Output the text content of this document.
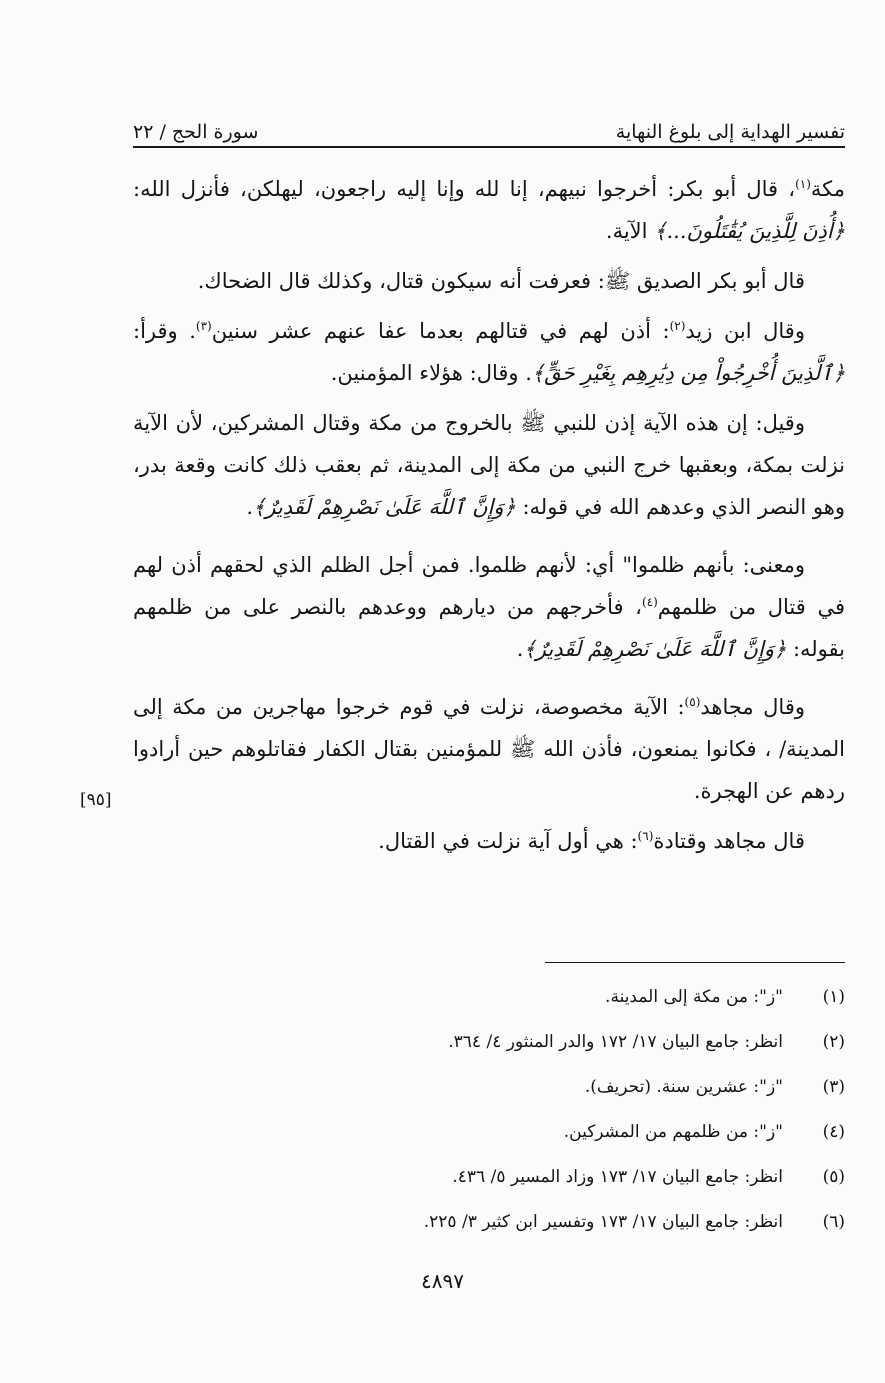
تفسير الهداية إلى بلوغ النهاية
سورة الحج / ٢٢

مكة$^{(١)}$، قال أبو بكر: أخرجوا نبيهم، إنا لله وإنا إليه راجعون، ليهلكن، فأنزل الله: ﴿أُذِنَ لِلَّذِينَ يُقَٰتَلُونَ...﴾ الآية.

قال أبو بكر الصديق ﷺ: فعرفت أنه سيكون قتال، وكذلك قال الضحاك.

وقال ابن زيد$^{(٢)}$: أذن لهم في قتالهم بعدما عفا عنهم عشر سنين$^{(٣)}$. وقرأ: ﴿ٱلَّذِينَ أُخْرِجُواْ مِن دِيَٰرِهِم بِغَيْرِ حَقٍّ﴾. وقال: هؤلاء المؤمنين.

وقيل: إن هذه الآية إذن للنبي ﷺ بالخروج من مكة وقتال المشركين، لأن الآية نزلت بمكة، وبعقبها خرج النبي من مكة إلى المدينة، ثم بعقب ذلك كانت وقعة بدر، وهو النصر الذي وعدهم الله في قوله: ﴿وَإِنَّ ٱللَّهَ عَلَىٰ نَصْرِهِمْ لَقَدِيرٌ﴾.

ومعنى: بأنهم ظلموا" أي: لأنهم ظلموا. فمن أجل الظلم الذي لحقهم أذن لهم في قتال من ظلمهم$^{(٤)}$، فأخرجهم من ديارهم ووعدهم بالنصر على من ظلمهم بقوله: ﴿وَإِنَّ ٱللَّهَ عَلَىٰ نَصْرِهِمْ لَقَدِيرٌ﴾.

وقال مجاهد$^{(٥)}$: الآية مخصوصة، نزلت في قوم خرجوا مهاجرين من مكة إلى المدينة/ ، فكانوا يمنعون، فأذن الله ﷺ للمؤمنين بقتال الكفار فقاتلوهم حين أرادوا ردهم عن الهجرة.

قال مجاهد وقتادة$^{(٦)}$: هي أول آية نزلت في القتال.

[٩٥]
(١)
"ز": من مكة إلى المدينة.
(٢)
انظر: جامع البيان ١٧/ ١٧٢ والدر المنثور ٤/ ٣٦٤.
(٣)
"ز": عشرين سنة. (تحريف).
(٤)
"ز": من ظلمهم من المشركين.
(٥)
انظر: جامع البيان ١٧/ ١٧٣ وزاد المسير ٥/ ٤٣٦.
(٦)
انظر: جامع البيان ١٧/ ١٧٣ وتفسير ابن كثير ٣/ ٢٢٥.
٤٨٩٧
